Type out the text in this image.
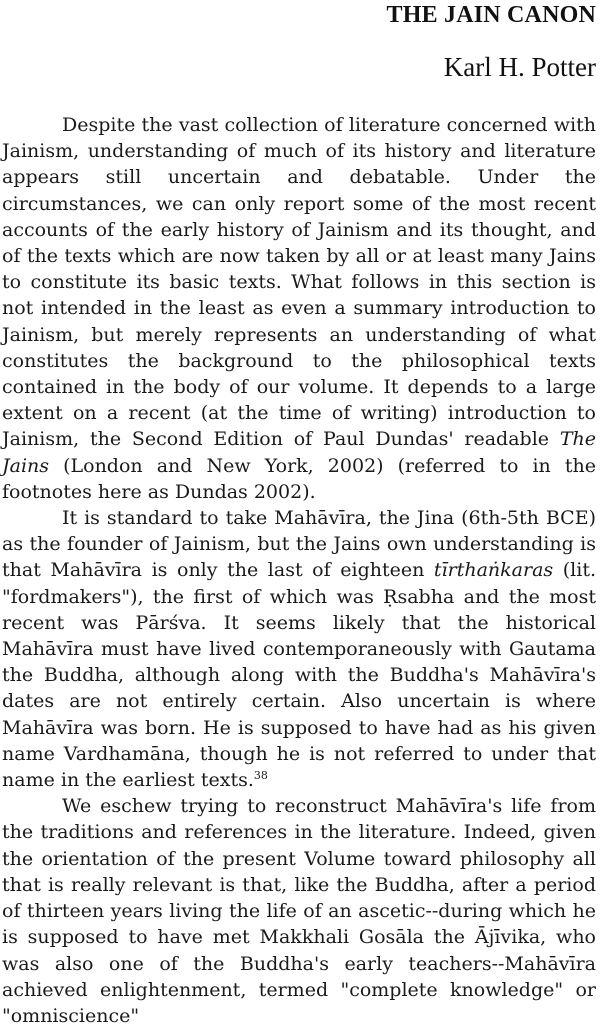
THE JAIN CANON
Karl H. Potter

Despite the vast collection of literature concerned with Jainism, understanding of much of its history and literature appears still uncertain and debatable. Under the circumstances, we can only report some of the most recent accounts of the early history of Jainism and its thought, and of the texts which are now taken by all or at least many Jains to constitute its basic texts. What follows in this section is not intended in the least as even a summary introduction to Jainism, but merely represents an understanding of what constitutes the background to the philosophical texts contained in the body of our volume. It depends to a large extent on a recent (at the time of writing) introduction to Jainism, the Second Edition of Paul Dundas' readable The Jains (London and New York, 2002) (referred to in the footnotes here as Dundas 2002).

It is standard to take Mahāvīra, the Jina (6th-5th BCE) as the founder of Jainism, but the Jains own understanding is that Mahāvīra is only the last of eighteen tīrthaṅkaras (lit. "fordmakers"), the first of which was Ṛsabha and the most recent was Pārśva. It seems likely that the historical Mahāvīra must have lived contemporaneously with Gautama the Buddha, although along with the Buddha's Mahāvīra's dates are not entirely certain. Also uncertain is where Mahāvīra was born. He is supposed to have had as his given name Vardhamāna, though he is not referred to under that name in the earliest texts.$^{38}$

We eschew trying to reconstruct Mahāvīra's life from the traditions and references in the literature. Indeed, given the orientation of the present Volume toward philosophy all that is really relevant is that, like the Buddha, after a period of thirteen years living the life of an ascetic--during which he is supposed to have met Makkhali Gosāla the Ājīvika, who was also one of the Buddha's early teachers--Mahāvīra achieved enlightenment, termed "complete knowledge" or "omniscience"
